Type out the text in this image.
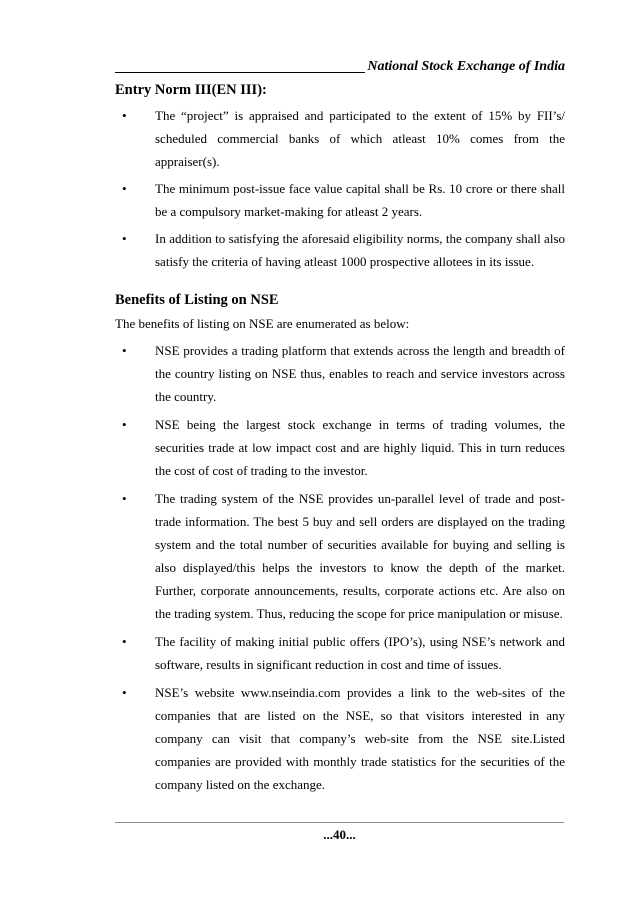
National Stock Exchange of India
Entry Norm III(EN III):
•	The “project” is appraised and participated to the extent of 15% by FII’s/ scheduled commercial banks of which atleast 10% comes from the appraiser(s).

•	The minimum post-issue face value capital shall be Rs. 10 crore or there shall be a compulsory market-making for atleast 2 years.

•	In addition to satisfying the aforesaid eligibility norms, the company shall also satisfy the criteria of having atleast 1000 prospective allotees in its issue.

Benefits of Listing on NSE

The benefits of listing on NSE are enumerated as below:

•	NSE provides a trading platform that extends across the length and breadth of the country listing on NSE thus, enables to reach and service investors across the country.

•	NSE being the largest stock exchange in terms of trading volumes, the securities trade at low impact cost and are highly liquid. This in turn reduces the cost of cost of trading to the investor.

•	The trading system of the NSE provides un-parallel level of trade and post-trade information. The best 5 buy and sell orders are displayed on the trading system and the total number of securities available for buying and selling is also displayed/this helps the investors to know the depth of the market. Further, corporate announcements, results, corporate actions etc. Are also on the trading system. Thus, reducing the scope for price manipulation or misuse.

•	The facility of making initial public offers (IPO’s), using NSE’s network and software, results in significant reduction in cost and time of issues.

•	NSE’s website www.nseindia.com provides a link to the web-sites of the companies that are listed on the NSE, so that visitors interested in any company can visit that company’s web-site from the NSE site.Listed companies are provided with monthly trade statistics for the securities of the company listed on the exchange.

...40...
